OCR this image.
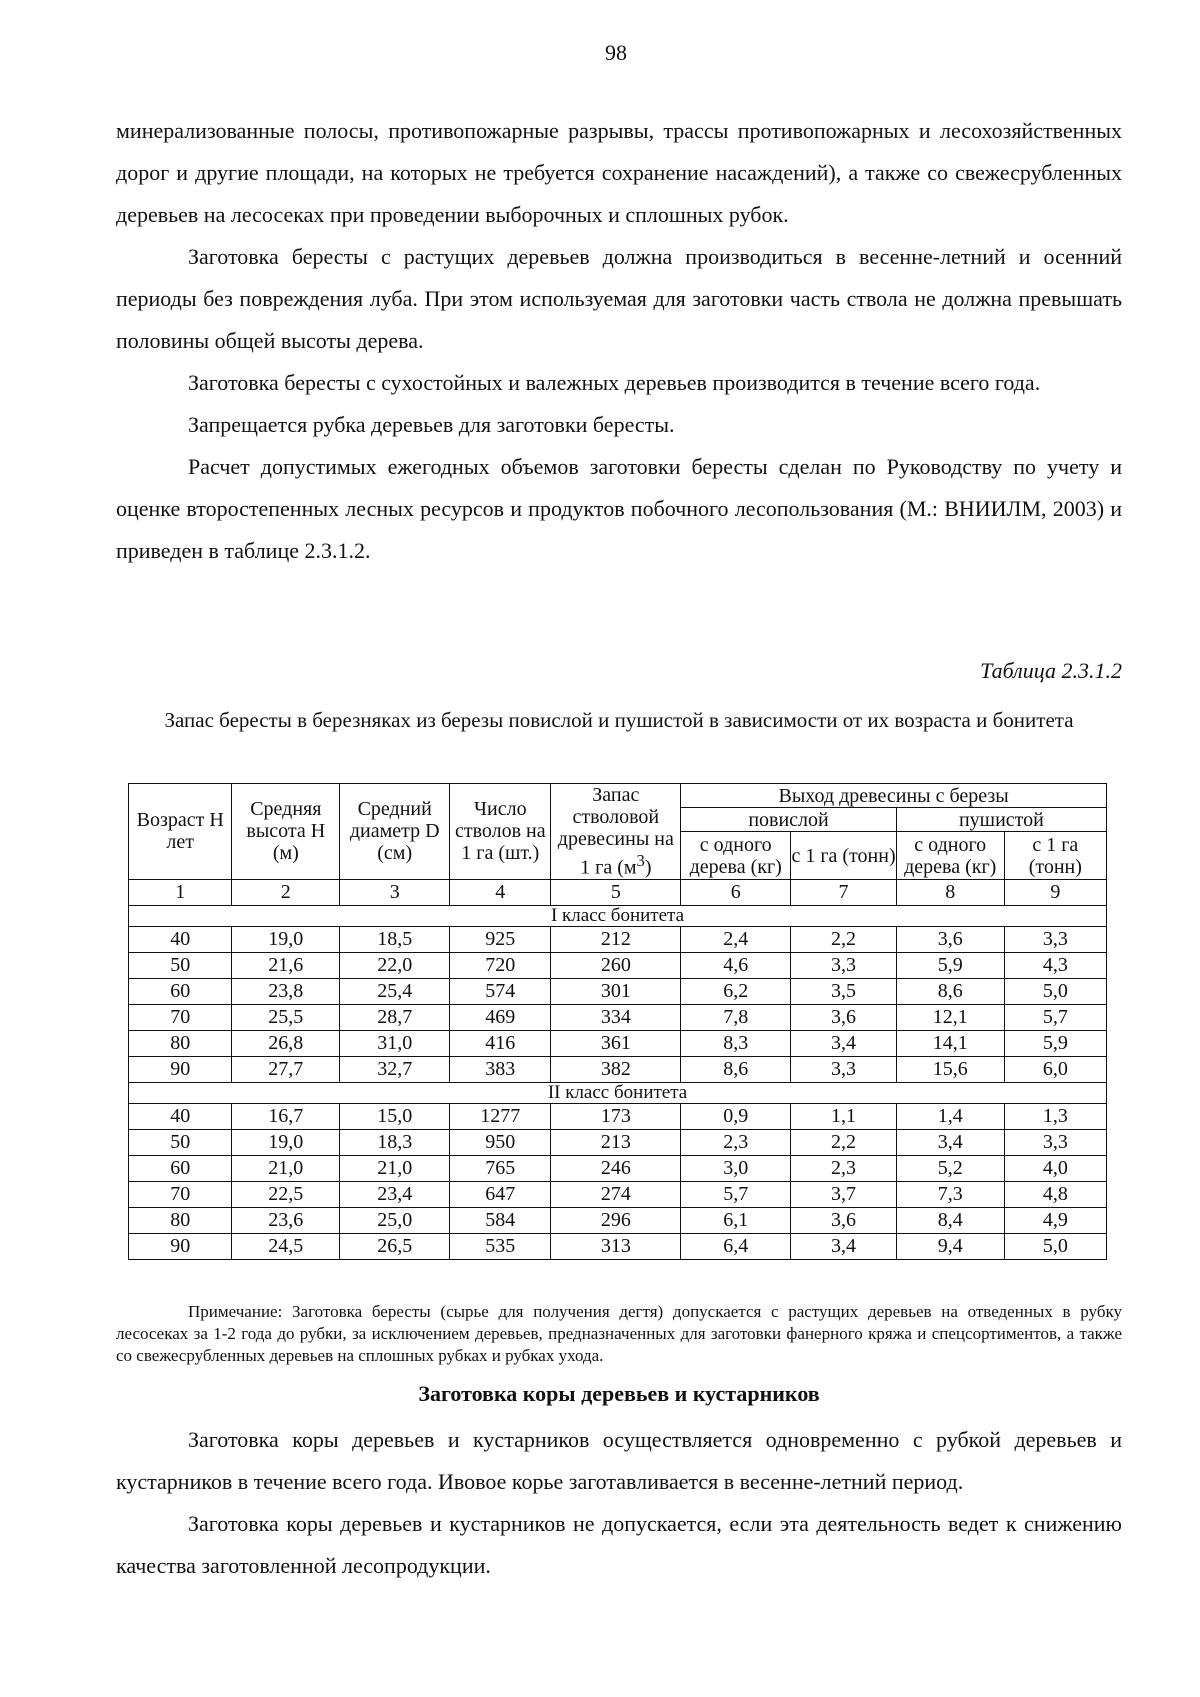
98

минерализованные полосы, противопожарные разрывы, трассы противопожарных и лесохозяйственных дорог и другие площади, на которых не требуется сохранение насаждений), а также со свежесрубленных деревьев на лесосеках при проведении выборочных и сплошных рубок.

Заготовка бересты с растущих деревьев должна производиться в весенне-летний и осенний периоды без повреждения луба. При этом используемая для заготовки часть ствола не должна превышать половины общей высоты дерева.

Заготовка бересты с сухостойных и валежных деревьев производится в течение всего года.

Запрещается рубка деревьев для заготовки бересты.

Расчет допустимых ежегодных объемов заготовки бересты сделан по Руководству по учету и оценке второстепенных лесных ресурсов и продуктов побочного лесопользования (М.: ВНИИЛМ, 2003) и приведен в таблице 2.3.1.2.

Таблица 2.3.1.2
Запас бересты в березняках из березы повислой и пушистой в зависимости от их возраста и бонитета
Возраст Н лет	Средняя высота Н (м)	Средний диаметр D (см)	Число стволов на 1 га (шт.)	Запас стволовой древесины на 1 га $(м^3)$	Выход древесины с березы			
					повислой		пушистой	
					с одного дерева (кг)	с 1 га (тонн)	с одного дерева (кг)	с 1 га (тонн)
1	2	3	4	5	6	7	8	9
I класс бонитета								
40	19,0	18,5	925	212	2,4	2,2	3,6	3,3
50	21,6	22,0	720	260	4,6	3,3	5,9	4,3
60	23,8	25,4	574	301	6,2	3,5	8,6	5,0
70	25,5	28,7	469	334	7,8	3,6	12,1	5,7
80	26,8	31,0	416	361	8,3	3,4	14,1	5,9
90	27,7	32,7	383	382	8,6	3,3	15,6	6,0
II класс бонитета								
40	16,7	15,0	1277	173	0,9	1,1	1,4	1,3
50	19,0	18,3	950	213	2,3	2,2	3,4	3,3
60	21,0	21,0	765	246	3,0	2,3	5,2	4,0
70	22,5	23,4	647	274	5,7	3,7	7,3	4,8
80	23,6	25,0	584	296	6,1	3,6	8,4	4,9
90	24,5	26,5	535	313	6,4	3,4	9,4	5,0
Примечание: Заготовка бересты (сырье для получения дегтя) допускается с растущих деревьев на отведенных в рубку лесосеках за 1-2 года до рубки, за исключением деревьев, предназначенных для заготовки фанерного кряжа и спецсортиментов, а также со свежесрубленных деревьев на сплошных рубках и рубках ухода.
Заготовка коры деревьев и кустарников

Заготовка коры деревьев и кустарников осуществляется одновременно с рубкой деревьев и кустарников в течение всего года. Ивовое корье заготавливается в весенне-летний период.

Заготовка коры деревьев и кустарников не допускается, если эта деятельность ведет к снижению качества заготовленной лесопродукции.
